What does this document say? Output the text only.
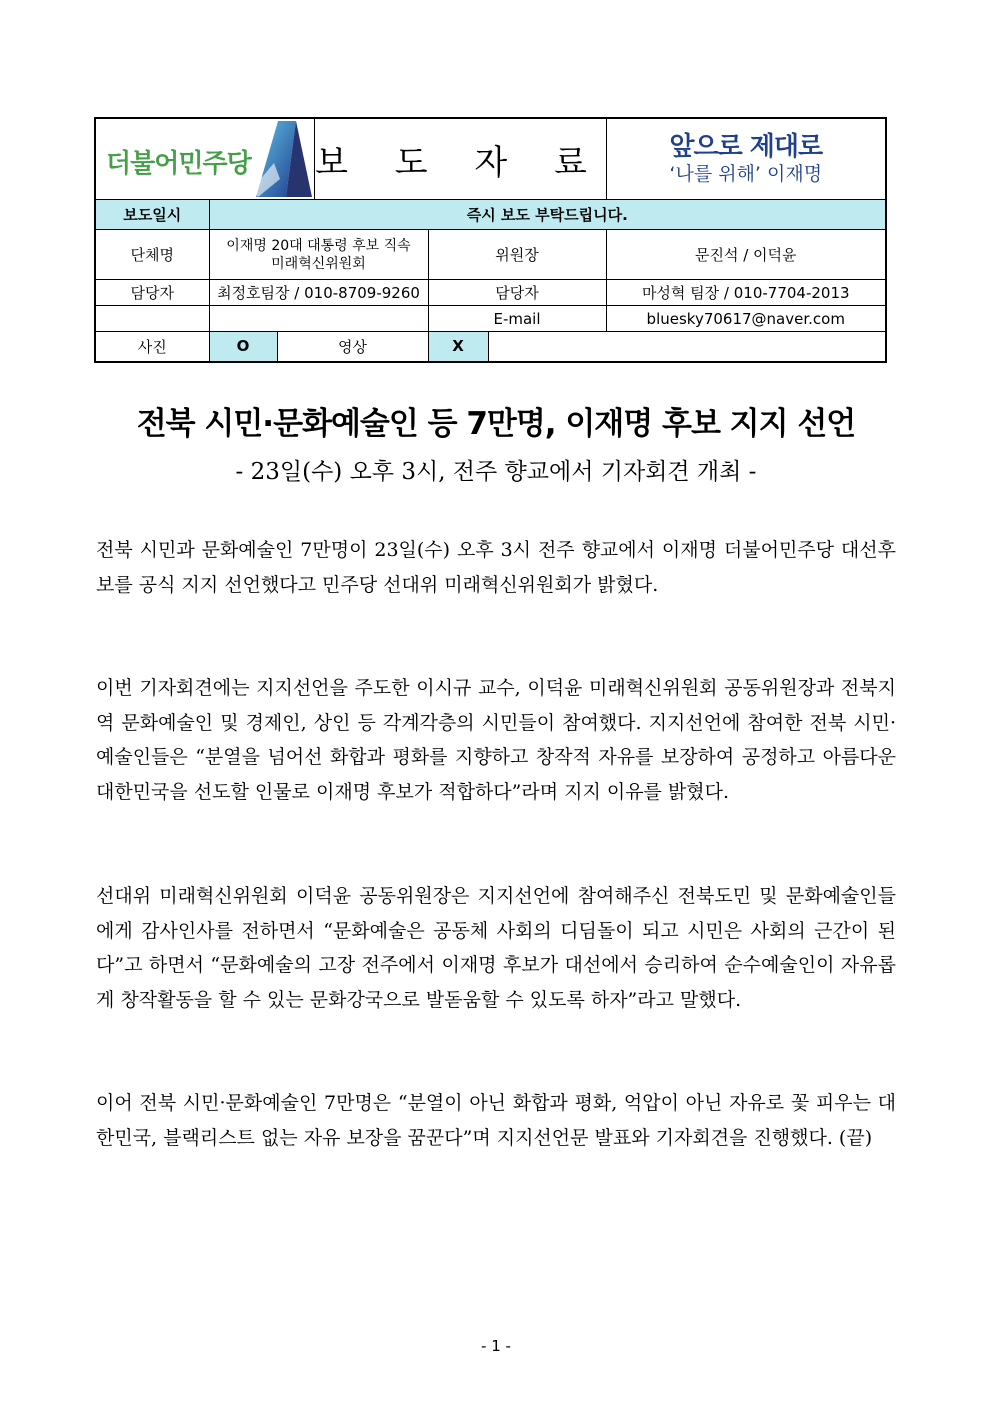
더불어민주당			보 도 자 료			앞으로 제대로
‘나를 위해’ 이재명

보도일시	즉시 보도 부탁드립니다.					
단체명	이재명 20대 대통령 후보 직속
미래혁신위원회			위원장		문진석 / 이덕윤
담당자	최정호팀장 / 010-8709-9260			담당자		마성혁 팀장 / 010-7704-2013
				E-mail		bluesky70617@naver.com
사진	O	영상		X		
전북 시민·문화예술인 등 7만명, 이재명 후보 지지 선언
- 23일(수) 오후 3시, 전주 향교에서 기자회견 개최 -

전북 시민과 문화예술인 7만명이 23일(수) 오후 3시 전주 향교에서 이재명 더불어민주당 대선후보를 공식 지지 선언했다고 민주당 선대위 미래혁신위원회가 밝혔다.

이번 기자회견에는 지지선언을 주도한 이시규 교수, 이덕윤 미래혁신위원회 공동위원장과 전북지역 문화예술인 및 경제인, 상인 등 각계각층의 시민들이 참여했다. 지지선언에 참여한 전북 시민·예술인들은 “분열을 넘어선 화합과 평화를 지향하고 창작적 자유를 보장하여 공정하고 아름다운 대한민국을 선도할 인물로 이재명 후보가 적합하다”라며 지지 이유를 밝혔다.

선대위 미래혁신위원회 이덕윤 공동위원장은 지지선언에 참여해주신 전북도민 및 문화예술인들에게 감사인사를 전하면서 “문화예술은 공동체 사회의 디딤돌이 되고 시민은 사회의 근간이 된다”고 하면서 “문화예술의 고장 전주에서 이재명 후보가 대선에서 승리하여 순수예술인이 자유롭게 창작활동을 할 수 있는 문화강국으로 발돋움할 수 있도록 하자”라고 말했다.

이어 전북 시민·문화예술인 7만명은 “분열이 아닌 화합과 평화, 억압이 아닌 자유로 꽃 피우는 대한민국, 블랙리스트 없는 자유 보장을 꿈꾼다”며 지지선언문 발표와 기자회견을 진행했다. (끝)

- 1 -
